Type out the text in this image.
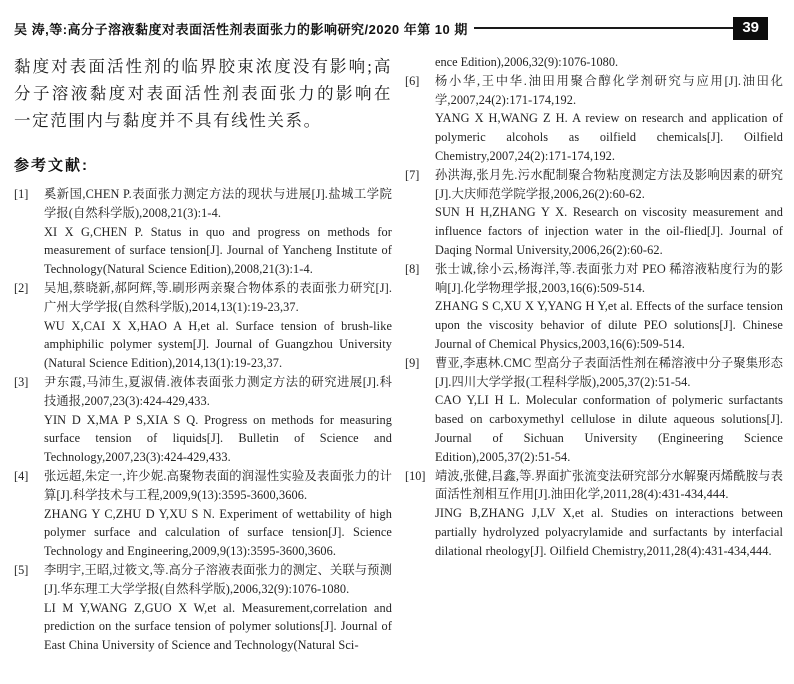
吴 涛,等:高分子溶液黏度对表面活性剂表面张力的影响研究/2020 年第 10 期	39
黏度对表面活性剂的临界胶束浓度没有影响;高分子溶液黏度对表面活性剂表面张力的影响在一定范围内与黏度并不具有线性关系。
参考文献:
[1] 奚新国,CHEN P.表面张力测定方法的现状与进展[J].盐城工学院学报(自然科学版),2008,21(3):1-4.
XI X G,CHEN P. Status in quo and progress on methods for measurement of surface tension[J]. Journal of Yancheng Institute of Technology(Natural Science Edition),2008,21(3):1-4.
[2] 吴旭,蔡晓新,郝阿辉,等.刷形两亲聚合物体系的表面张力研究[J].广州大学学报(自然科学版),2014,13(1):19-23,37.
WU X,CAI X X,HAO A H,et al. Surface tension of brush-like amphiphilic polymer system[J]. Journal of Guangzhou University (Natural Science Edition),2014,13(1):19-23,37.
[3] 尹东霞,马沛生,夏淑倩.液体表面张力测定方法的研究进展[J].科技通报,2007,23(3):424-429,433.
YIN D X,MA P S,XIA S Q. Progress on methods for measuring surface tension of liquids[J]. Bulletin of Science and Technology,2007,23(3):424-429,433.
[4] 张远超,朱定一,许少妮.高聚物表面的润湿性实验及表面张力的计算[J].科学技术与工程,2009,9(13):3595-3600,3606.
ZHANG Y C,ZHU D Y,XU S N. Experiment of wettability of high polymer surface and calculation of surface tension[J]. Science Technology and Engineering,2009,9(13):3595-3600,3606.
[5] 李明宇,王昭,过筱文,等.高分子溶液表面张力的测定、关联与预测[J].华东理工大学学报(自然科学版),2006,32(9):1076-1080.
LI M Y,WANG Z,GUO X W,et al. Measurement,correlation and prediction on the surface tension of polymer solutions[J]. Journal of East China University of Science and Technology(Natural Sci-
ence Edition),2006,32(9):1076-1080.
[6] 杨小华,王中华.油田用聚合醇化学剂研究与应用[J].油田化学,2007,24(2):171-174,192.
YANG X H,WANG Z H. A review on research and application of polymeric alcohols as oilfield chemicals[J]. Oilfield Chemistry,2007,24(2):171-174,192.
[7] 孙洪海,张月先.污水配制聚合物粘度测定方法及影响因素的研究[J].大庆师范学院学报,2006,26(2):60-62.
SUN H H,ZHANG Y X. Research on viscosity measurement and influence factors of injection water in the oil-flied[J]. Journal of Daqing Normal University,2006,26(2):60-62.
[8] 张士诚,徐小云,杨海洋,等.表面张力对 PEO 稀溶液粘度行为的影响[J].化学物理学报,2003,16(6):509-514.
ZHANG S C,XU X Y,YANG H Y,et al. Effects of the surface tension upon the viscosity behavior of dilute PEO solutions[J]. Chinese Journal of Chemical Physics,2003,16(6):509-514.
[9] 曹亚,李惠林.CMC 型高分子表面活性剂在稀溶液中分子聚集形态[J].四川大学学报(工程科学版),2005,37(2):51-54.
CAO Y,LI H L. Molecular conformation of polymeric surfactants based on carboxymethyl cellulose in dilute aqueous solutions[J]. Journal of Sichuan University (Engineering Science Edition),2005,37(2):51-54.
[10] 靖波,张健,吕鑫,等.界面扩张流变法研究部分水解聚丙烯酰胺与表面活性剂相互作用[J].油田化学,2011,28(4):431-434,444.
JING B,ZHANG J,LV X,et al. Studies on interactions between partially hydrolyzed polyacrylamide and surfactants by interfacial dilational rheology[J]. Oilfield Chemistry,2011,28(4):431-434,444.
